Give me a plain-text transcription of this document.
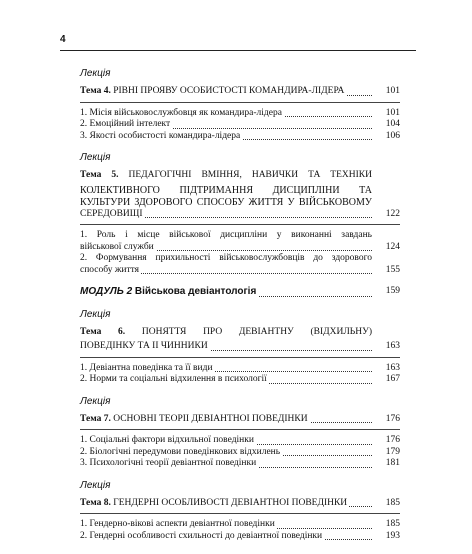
4
Лекція
Тема 4. РІВНІ ПРОЯВУ ОСОБИСТОСТІ КОМАНДИРА-ЛІДЕРА	101
1. Місія військовослужбовця як командира-лідера	101
2. Емоційний інтелект	104
3. Якості особистості командира-лідера	106
Лекція
Тема 5. ПЕДАГОГІЧНІ ВМІННЯ, НАВИЧКИ ТА ТЕХНІКИ
КОЛЕКТИВНОГО ПІДТРИМАННЯ ДИСЦИПЛІНИ ТА
КУЛЬТУРИ ЗДОРОВОГО СПОСОБУ ЖИТТЯ У ВІЙСЬКОВОМУ
СЕРЕДОВИЩІ	122
1. Роль і місце військової дисципліни у виконанні завдань
військової служби	124
2. Формування прихильності військовослужбовців до здорового
способу життя	155
МОДУЛЬ 2 Військова девіантологія	159
Лекція
Тема 6. ПОНЯТТЯ ПРО ДЕВІАНТНУ (ВІДХИЛЬНУ)
ПОВЕДІНКУ ТА ЇЇ ЧИННИКИ	163
1. Девіантна поведінка та її види	163
2. Норми та соціальні відхилення в психології	167
Лекція
Тема 7. ОСНОВНІ ТЕОРІЇ ДЕВІАНТНОЇ ПОВЕДІНКИ	176
1. Соціальні фактори відхильної поведінки	176
2. Біологічні передумови поведінкових відхилень	179
3. Психологічні теорії девіантної поведінки	181
Лекція
Тема 8. ГЕНДЕРНІ ОСОБЛИВОСТІ ДЕВІАНТНОЇ ПОВЕДІНКИ	185
1. Гендерно-вікові аспекти девіантної поведінки	185
2. Гендерні особливості схильності до девіантної поведінки	193
